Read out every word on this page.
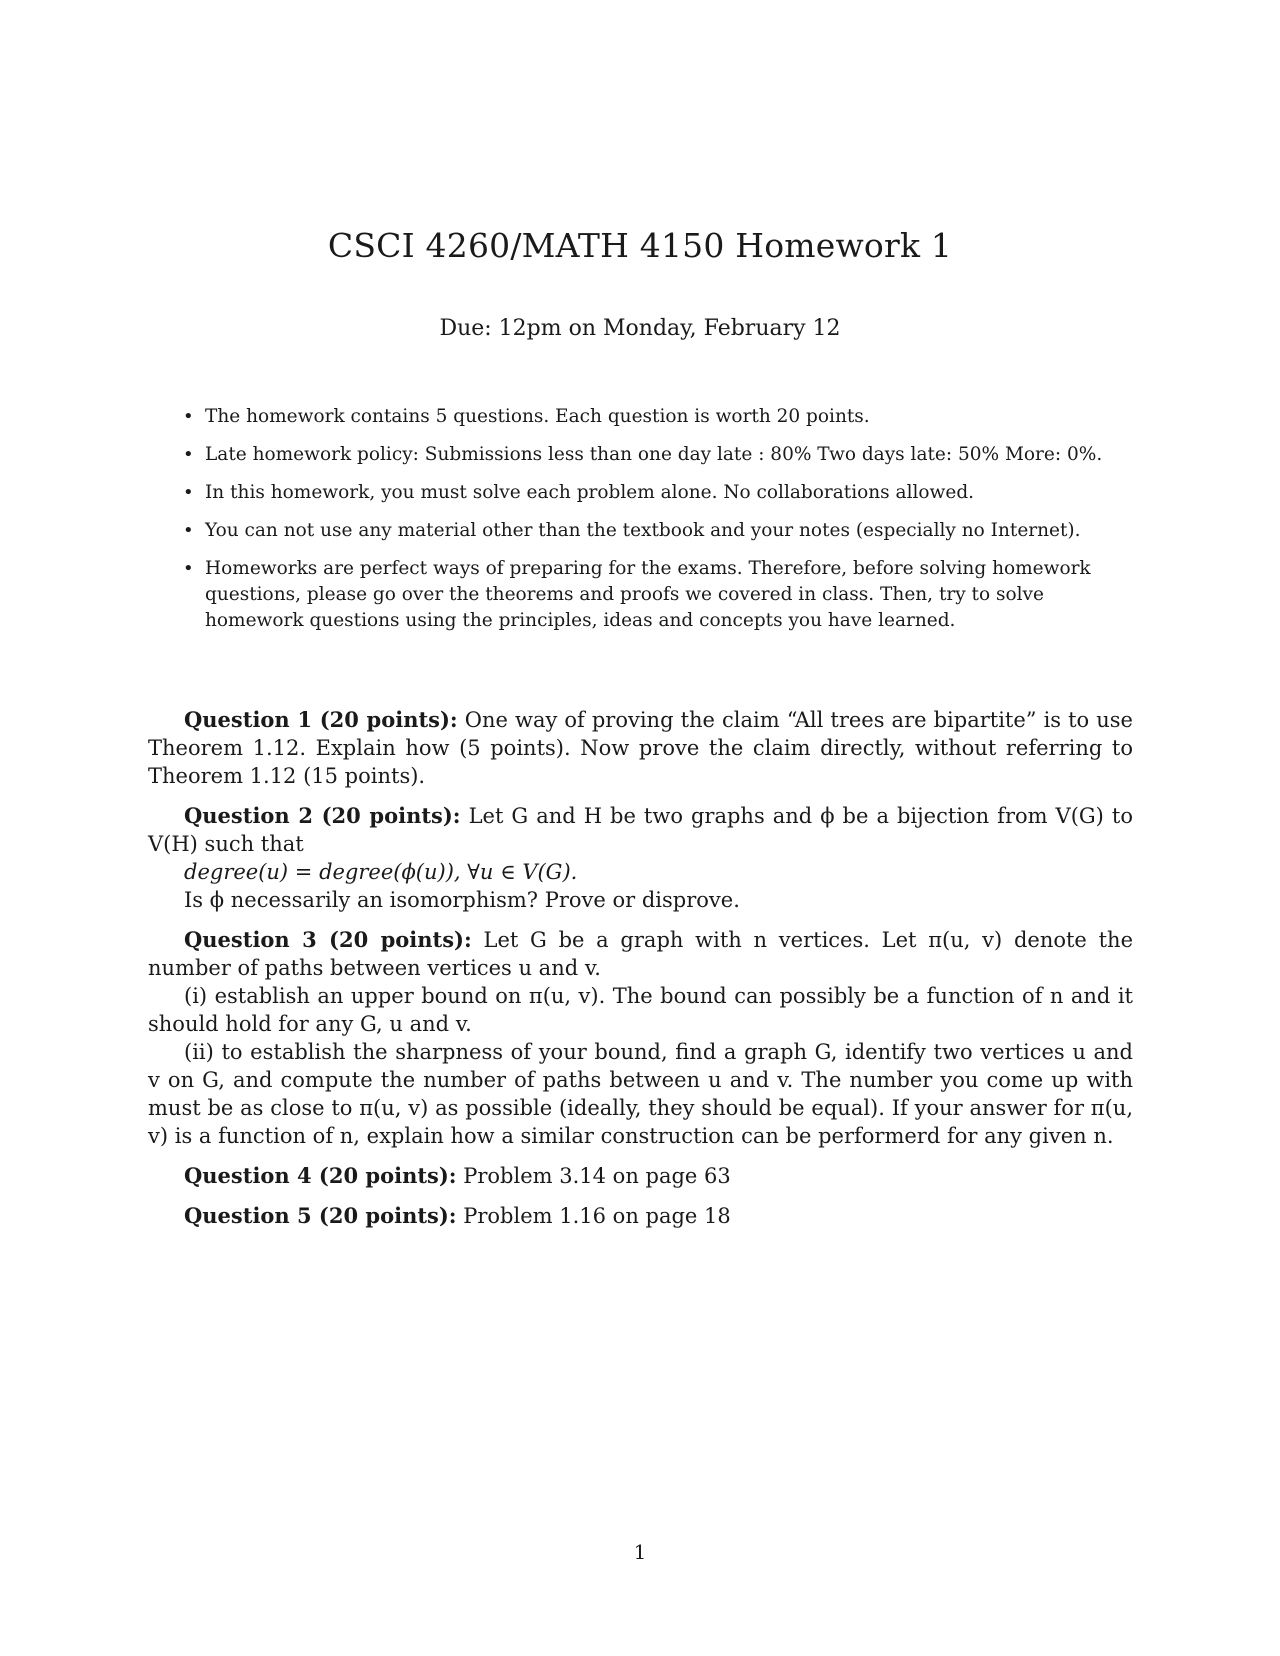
CSCI 4260/MATH 4150 Homework 1
Due: 12pm on Monday, February 12
• The homework contains 5 questions. Each question is worth 20 points.
• Late homework policy: Submissions less than one day late : 80% Two days late: 50% More: 0%.
• In this homework, you must solve each problem alone. No collaborations allowed.
• You can not use any material other than the textbook and your notes (especially no Internet).
• Homeworks are perfect ways of preparing for the exams. Therefore, before solving homework questions, please go over the theorems and proofs we covered in class. Then, try to solve homework questions using the principles, ideas and concepts you have learned.

Question 1 (20 points): One way of proving the claim “All trees are bipartite” is to use Theorem 1.12. Explain how (5 points). Now prove the claim directly, without referring to Theorem 1.12 (15 points).

Question 2 (20 points): Let G and H be two graphs and ϕ be a bijection from V(G) to V(H) such that

degree(u) = degree(ϕ(u)), ∀u ∈ V(G).

Is ϕ necessarily an isomorphism? Prove or disprove.

Question 3 (20 points): Let G be a graph with n vertices. Let π(u, v) denote the number of paths between vertices u and v.

(i) establish an upper bound on π(u, v). The bound can possibly be a function of n and it should hold for any G, u and v.

(ii) to establish the sharpness of your bound, find a graph G, identify two vertices u and v on G, and compute the number of paths between u and v. The number you come up with must be as close to π(u, v) as possible (ideally, they should be equal). If your answer for π(u, v) is a function of n, explain how a similar construction can be performerd for any given n.

Question 4 (20 points): Problem 3.14 on page 63

Question 5 (20 points): Problem 1.16 on page 18

1
